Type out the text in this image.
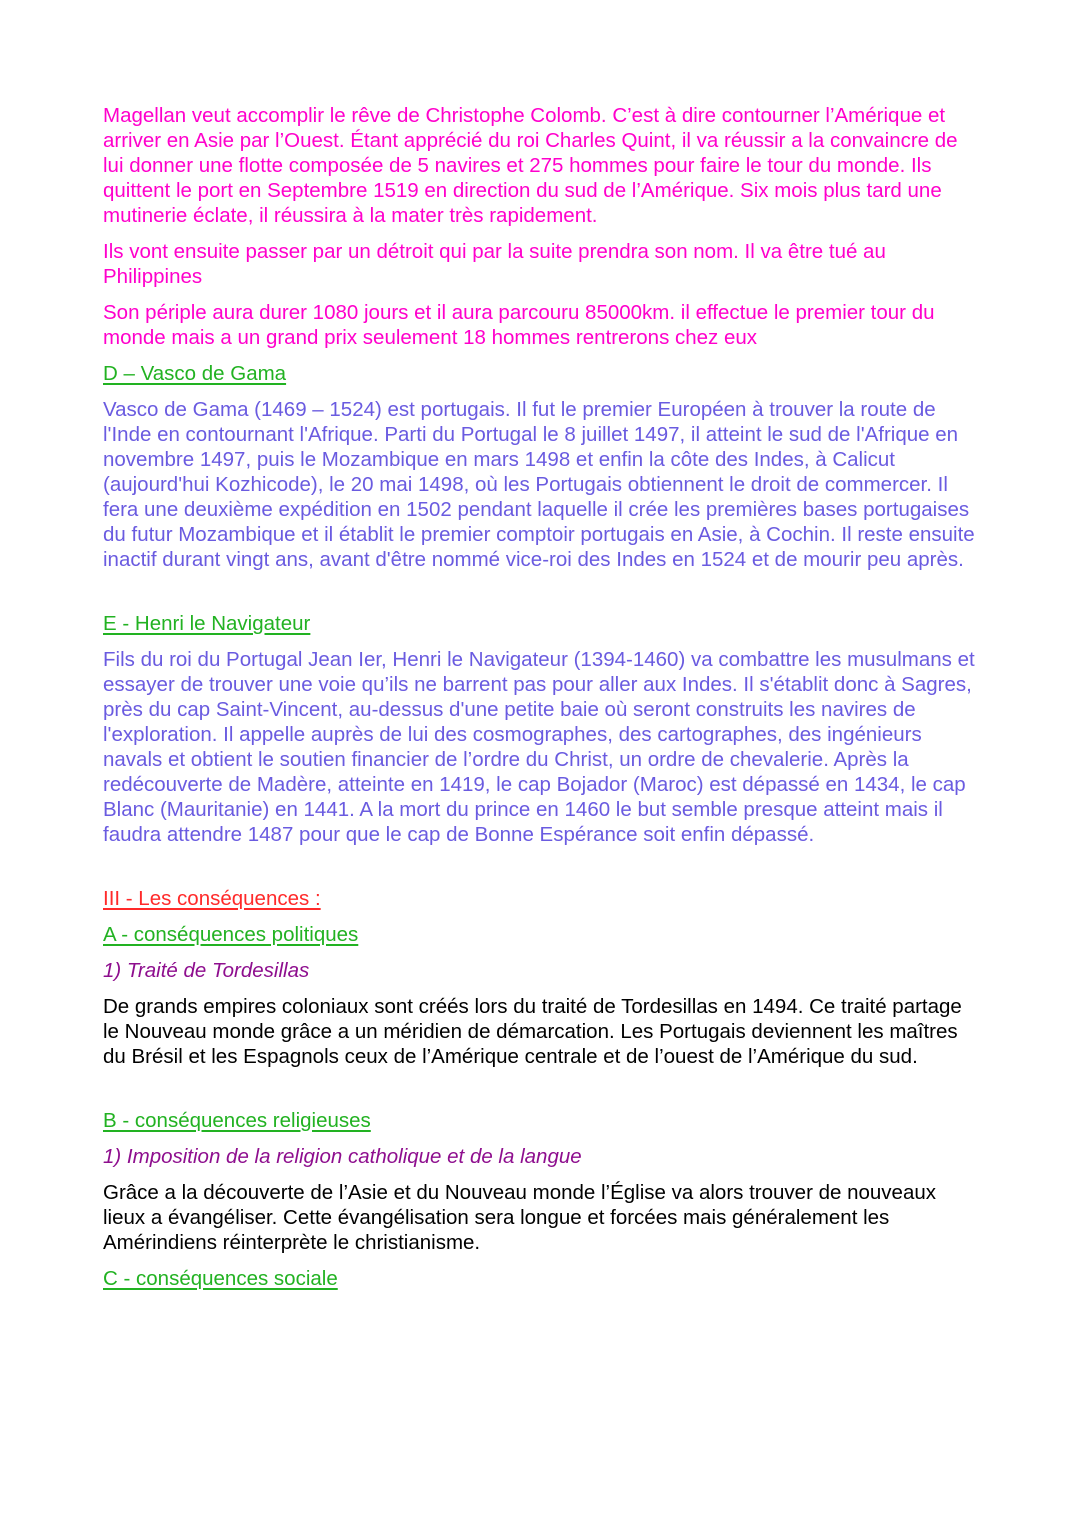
Magellan veut accomplir le rêve de Christophe Colomb. C’est à dire contourner l’Amérique et arriver en Asie par l’Ouest. Étant apprécié du roi Charles Quint, il va réussir a la convaincre de lui donner une flotte composée de 5 navires et 275 hommes pour faire le tour du monde. Ils quittent le port en Septembre 1519 en direction du sud de l’Amérique. Six mois plus tard une mutinerie éclate, il réussira à la mater très rapidement.

Ils vont ensuite passer par un détroit qui par la suite prendra son nom. Il va être tué au Philippines

Son périple aura durer 1080 jours et il aura parcouru 85000km. il effectue le premier tour du monde mais a un grand prix seulement 18 hommes rentrerons chez eux

D – Vasco de Gama

Vasco de Gama (1469 – 1524) est portugais. Il fut le premier Européen à trouver la route de l'Inde en contournant l'Afrique. Parti du Portugal le 8 juillet 1497, il atteint le sud de l'Afrique en novembre 1497, puis le Mozambique en mars 1498 et enfin la côte des Indes, à Calicut (aujourd'hui Kozhicode), le 20 mai 1498, où les Portugais obtiennent le droit de commercer. Il fera une deuxième expédition en 1502 pendant laquelle il crée les premières bases portugaises du futur Mozambique et il établit le premier comptoir portugais en Asie, à Cochin. Il reste ensuite inactif durant vingt ans, avant d'être nommé vice-roi des Indes en 1524 et de mourir peu après.

E - Henri le Navigateur

Fils du roi du Portugal Jean Ier, Henri le Navigateur (1394-1460) va combattre les musulmans et essayer de trouver une voie qu’ils ne barrent pas pour aller aux Indes. Il s'établit donc à Sagres, près du cap Saint-Vincent, au-dessus d'une petite baie où seront construits les navires de l'exploration. Il appelle auprès de lui des cosmographes, des cartographes, des ingénieurs navals et obtient le soutien financier de l’ordre du Christ, un ordre de chevalerie. Après la redécouverte de Madère, atteinte en 1419, le cap Bojador (Maroc) est dépassé en 1434, le cap Blanc (Mauritanie) en 1441. A la mort du prince en 1460 le but semble presque atteint mais il faudra attendre 1487 pour que le cap de Bonne Espérance soit enfin dépassé.

III - Les conséquences :
A - conséquences politiques
1) Traité de Tordesillas

De grands empires coloniaux sont créés lors du traité de Tordesillas en 1494. Ce traité partage le Nouveau monde grâce a un méridien de démarcation. Les Portugais deviennent les maîtres du Brésil et les Espagnols ceux de l’Amérique centrale et de l’ouest de l’Amérique du sud.

B - conséquences religieuses
1) Imposition de la religion catholique et de la langue

Grâce a la découverte de l’Asie et du Nouveau monde l’Église va alors trouver de nouveaux lieux a évangéliser. Cette évangélisation sera longue et forcées mais généralement les Amérindiens réinterprète le christianisme.

C - conséquences sociale
